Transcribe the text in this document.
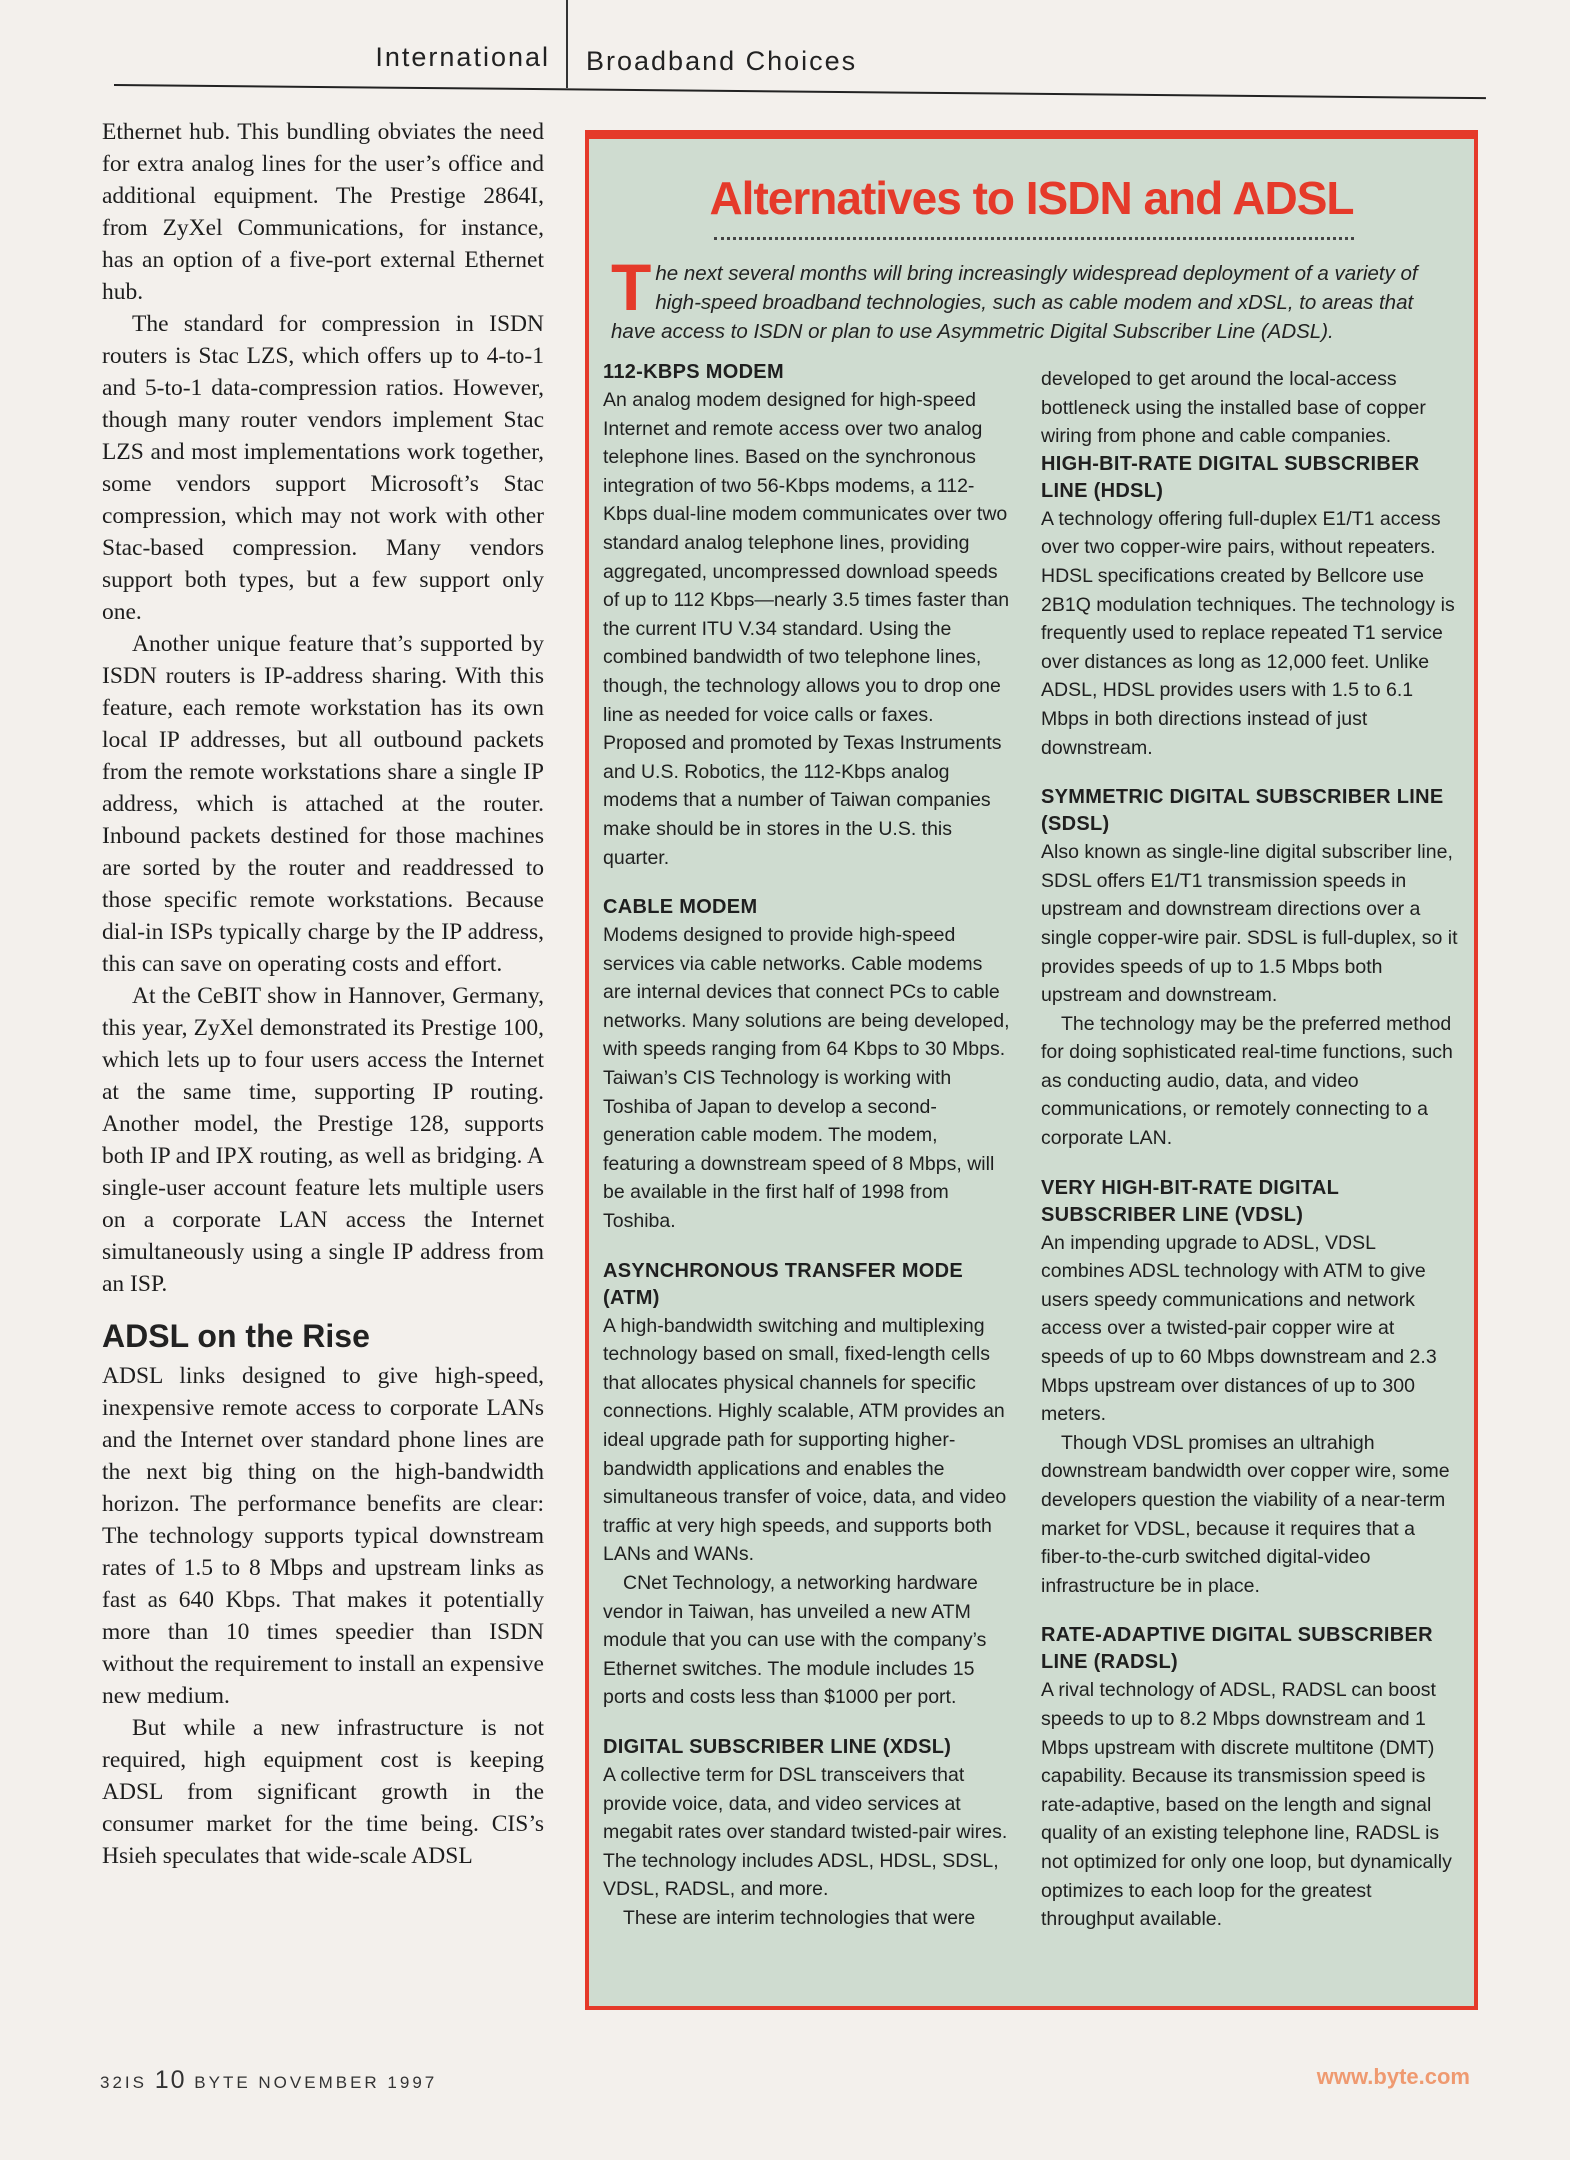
International Broadband Choices

Ethernet hub. This bundling obviates the need for extra analog lines for the user’s office and additional equipment. The Prestige 2864I, from ZyXel Communications, for instance, has an option of a five-port external Ethernet hub.

The standard for compression in ISDN routers is Stac LZS, which offers up to 4-to-1 and 5-to-1 data-compression ratios. However, though many router vendors implement Stac LZS and most implementations work together, some vendors support Microsoft’s Stac compression, which may not work with other Stac-based compression. Many vendors support both types, but a few support only one.

Another unique feature that’s supported by ISDN routers is IP-address sharing. With this feature, each remote workstation has its own local IP addresses, but all outbound packets from the remote workstations share a single IP address, which is attached at the router. Inbound packets destined for those machines are sorted by the router and readdressed to those specific remote workstations. Because dial-in ISPs typically charge by the IP address, this can save on operating costs and effort.

At the CeBIT show in Hannover, Germany, this year, ZyXel demonstrated its Prestige 100, which lets up to four users access the Internet at the same time, supporting IP routing. Another model, the Prestige 128, supports both IP and IPX routing, as well as bridging. A single-user account feature lets multiple users on a corporate LAN access the Internet simultaneously using a single IP address from an ISP.

ADSL on the Rise

ADSL links designed to give high-speed, inexpensive remote access to corporate LANs and the Internet over standard phone lines are the next big thing on the high-bandwidth horizon. The performance benefits are clear: The technology supports typical downstream rates of 1.5 to 8 Mbps and upstream links as fast as 640 Kbps. That makes it potentially more than 10 times speedier than ISDN without the requirement to install an expensive new medium.

But while a new infrastructure is not required, high equipment cost is keeping ADSL from significant growth in the consumer market for the time being. CIS’s Hsieh speculates that wide-scale ADSL

Alternatives to ISDN and ADSL
The next several months will bring increasingly widespread deployment of a variety of high-speed broadband technologies, such as cable modem and xDSL, to areas that have access to ISDN or plan to use Asymmetric Digital Subscriber Line (ADSL).
112-KBPS MODEM

An analog modem designed for high-speed Internet and remote access over two analog telephone lines. Based on the synchronous integration of two 56-Kbps modems, a 112-Kbps dual-line modem communicates over two standard analog telephone lines, providing aggregated, uncompressed download speeds of up to 112 Kbps—nearly 3.5 times faster than the current ITU V.34 standard. Using the combined bandwidth of two telephone lines, though, the technology allows you to drop one line as needed for voice calls or faxes. Proposed and promoted by Texas Instruments and U.S. Robotics, the 112-Kbps analog modems that a number of Taiwan companies make should be in stores in the U.S. this quarter.

CABLE MODEM

Modems designed to provide high-speed services via cable networks. Cable modems are internal devices that connect PCs to cable networks. Many solutions are being developed, with speeds ranging from 64 Kbps to 30 Mbps. Taiwan’s CIS Technology is working with Toshiba of Japan to develop a second-generation cable modem. The modem, featuring a downstream speed of 8 Mbps, will be available in the first half of 1998 from Toshiba.

ASYNCHRONOUS TRANSFER MODE (ATM)

A high-bandwidth switching and multiplexing technology based on small, fixed-length cells that allocates physical channels for specific connections. Highly scalable, ATM provides an ideal upgrade path for supporting higher-bandwidth applications and enables the simultaneous transfer of voice, data, and video traffic at very high speeds, and supports both LANs and WANs.

CNet Technology, a networking hardware vendor in Taiwan, has unveiled a new ATM module that you can use with the company’s Ethernet switches. The module includes 15 ports and costs less than $1000 per port.

DIGITAL SUBSCRIBER LINE (XDSL)

A collective term for DSL transceivers that provide voice, data, and video services at megabit rates over standard twisted-pair wires. The technology includes ADSL, HDSL, SDSL, VDSL, RADSL, and more.

These are interim technologies that were

developed to get around the local-access bottleneck using the installed base of copper wiring from phone and cable companies.

HIGH-BIT-RATE DIGITAL SUBSCRIBER LINE (HDSL)

A technology offering full-duplex E1/T1 access over two copper-wire pairs, without repeaters. HDSL specifications created by Bellcore use 2B1Q modulation techniques. The technology is frequently used to replace repeated T1 service over distances as long as 12,000 feet. Unlike ADSL, HDSL provides users with 1.5 to 6.1 Mbps in both directions instead of just downstream.

SYMMETRIC DIGITAL SUBSCRIBER LINE (SDSL)

Also known as single-line digital subscriber line, SDSL offers E1/T1 transmission speeds in upstream and downstream directions over a single copper-wire pair. SDSL is full-duplex, so it provides speeds of up to 1.5 Mbps both upstream and downstream.

The technology may be the preferred method for doing sophisticated real-time functions, such as conducting audio, data, and video communications, or remotely connecting to a corporate LAN.

VERY HIGH-BIT-RATE DIGITAL SUBSCRIBER LINE (VDSL)

An impending upgrade to ADSL, VDSL combines ADSL technology with ATM to give users speedy communications and network access over a twisted-pair copper wire at speeds of up to 60 Mbps downstream and 2.3 Mbps upstream over distances of up to 300 meters.

Though VDSL promises an ultrahigh downstream bandwidth over copper wire, some developers question the viability of a near-term market for VDSL, because it requires that a fiber-to-the-curb switched digital-video infrastructure be in place.

RATE-ADAPTIVE DIGITAL SUBSCRIBER LINE (RADSL)

A rival technology of ADSL, RADSL can boost speeds to up to 8.2 Mbps downstream and 1 Mbps upstream with discrete multitone (DMT) capability. Because its transmission speed is rate-adaptive, based on the length and signal quality of an existing telephone line, RADSL is not optimized for only one loop, but dynamically optimizes to each loop for the greatest throughput available.

32IS 10 BYTE NOVEMBER 1997	www.byte.com
